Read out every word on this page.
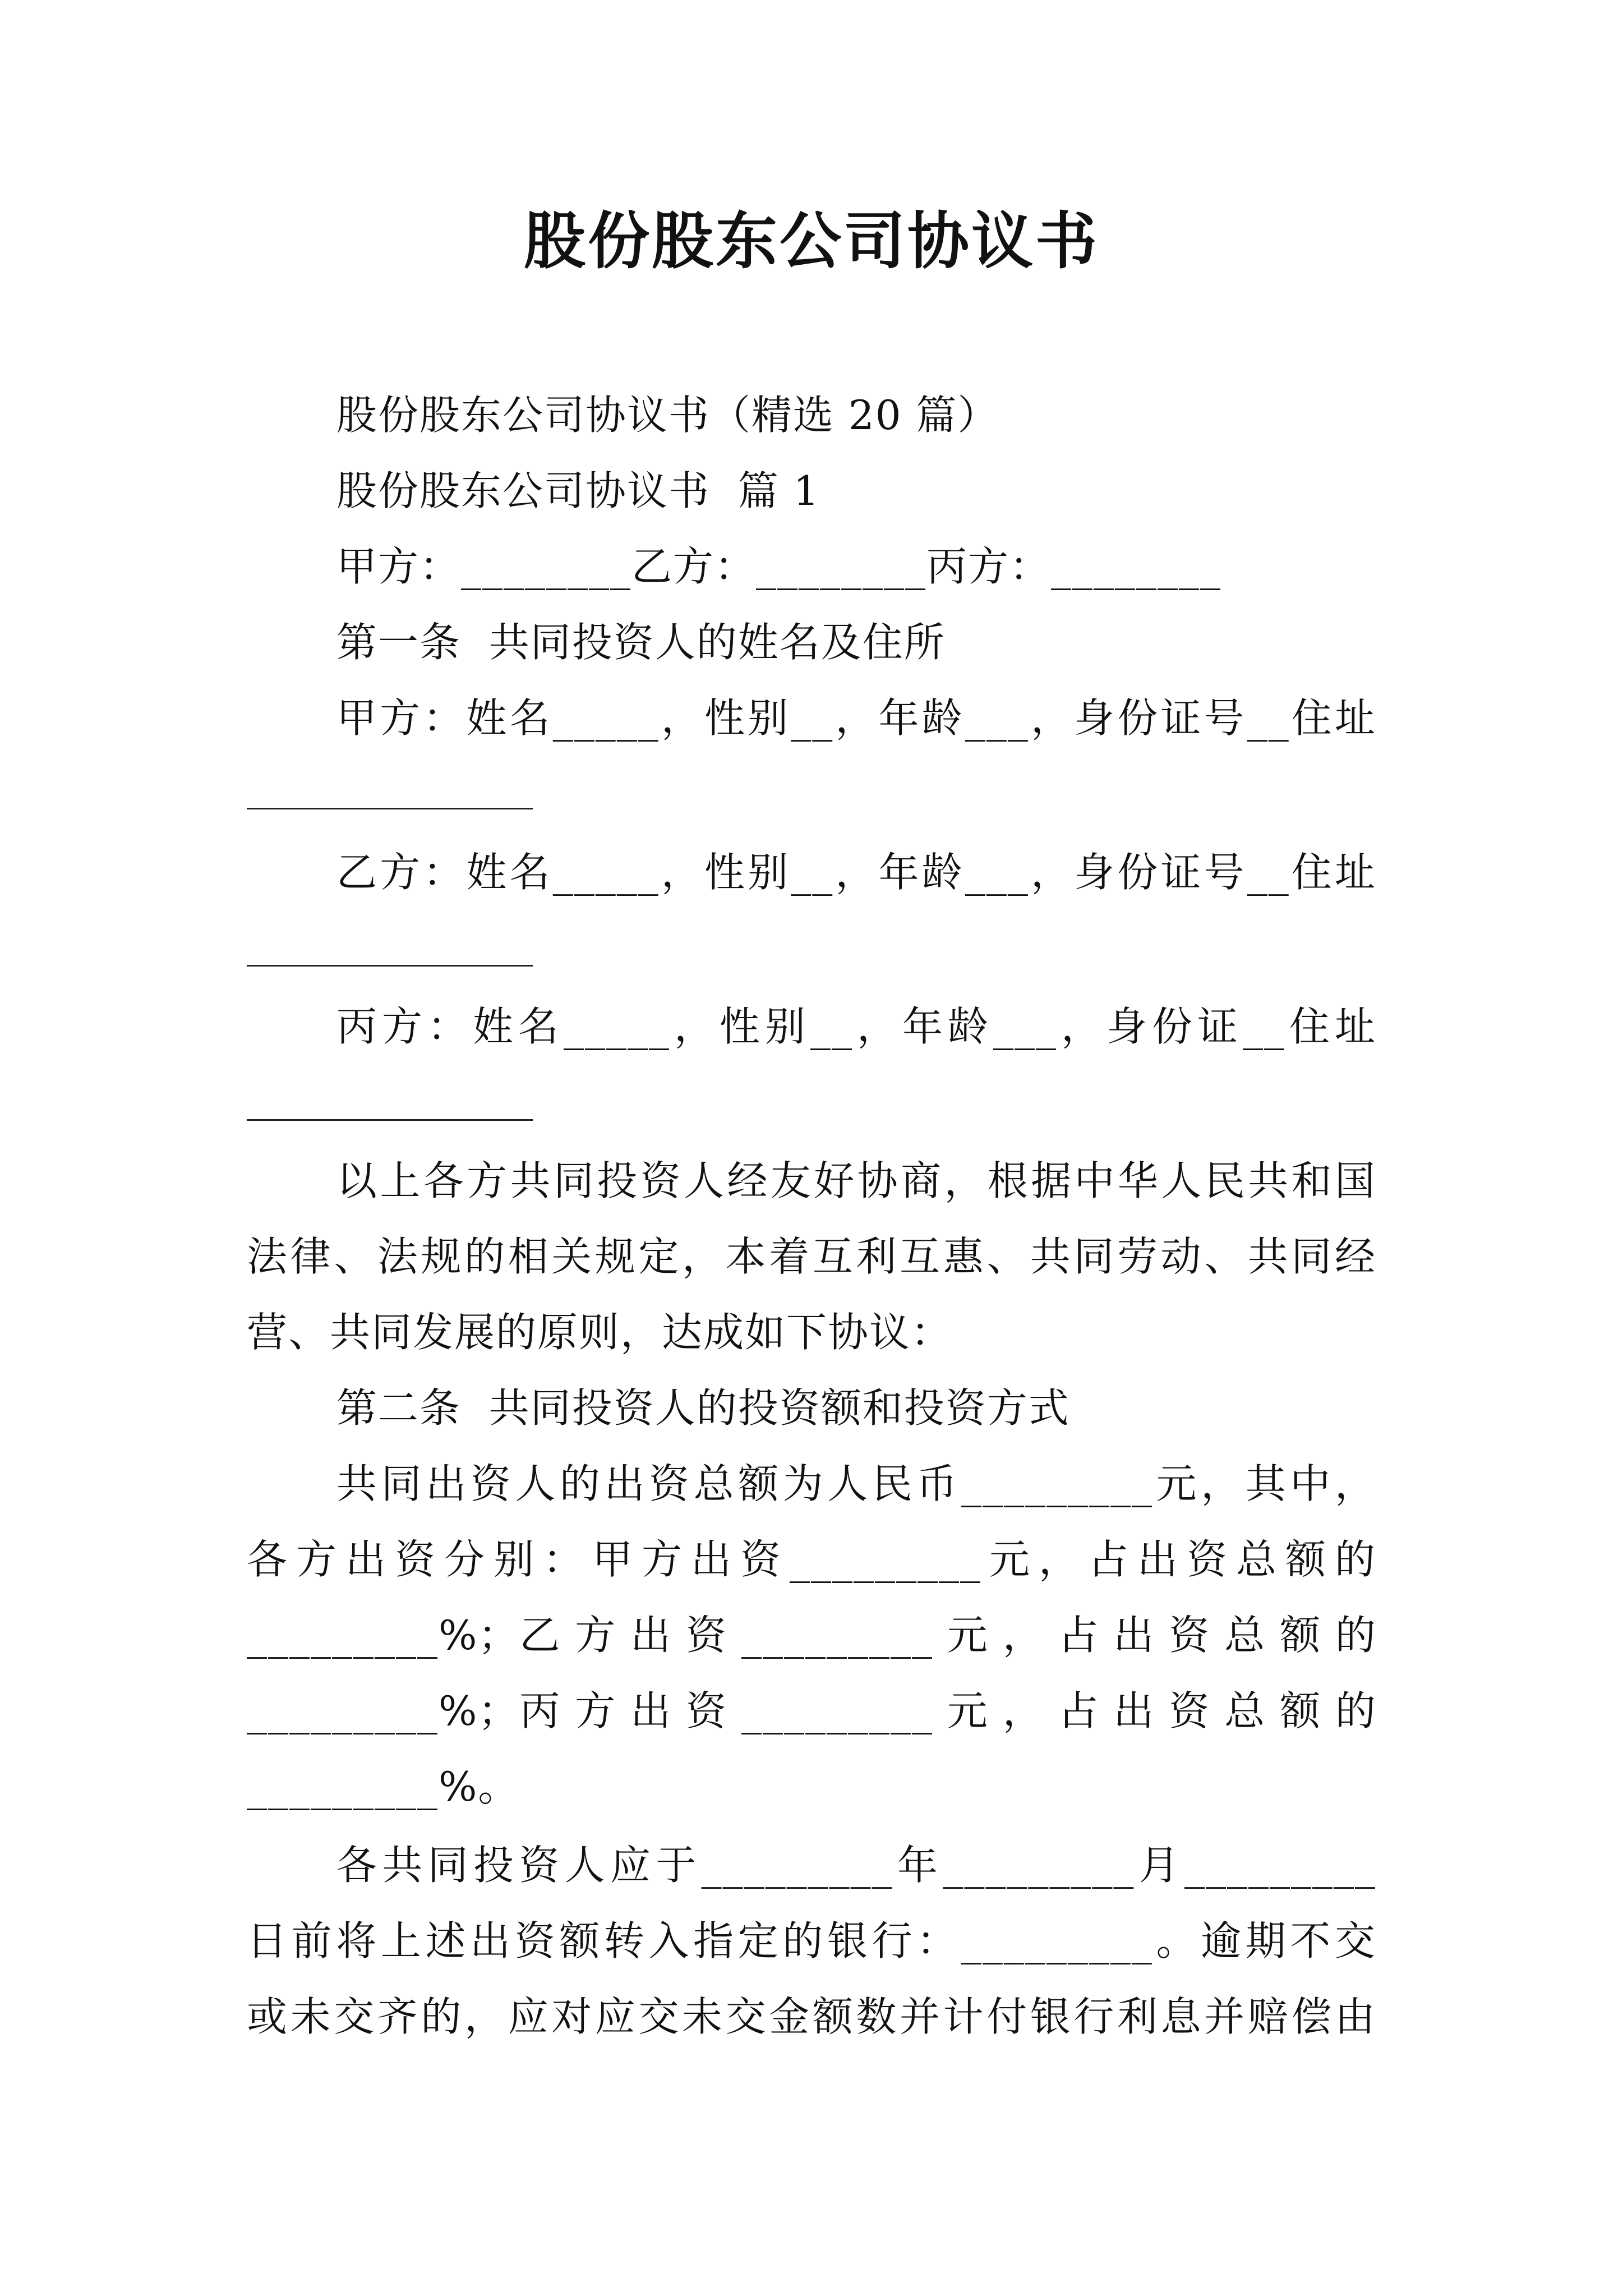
股份股东公司协议书
股份股东公司协议书（精选 20 篇）
股份股东公司协议书  篇 1
甲方：________乙方：________丙方：________
第一条  共同投资人的姓名及住所
甲方：姓名_____，性别__，年龄___，身份证号__住址
乙方：姓名_____，性别__，年龄___，身份证号__住址
丙方：姓名_____，性别__，年龄___，身份证__住址
以上各方共同投资人经友好协商，根据中华人民共和国
法律、法规的相关规定，本着互利互惠、共同劳动、共同经
营、共同发展的原则，达成如下协议：
第二条  共同投资人的投资额和投资方式
共同出资人的出资总额为人民币_________元，其中，
各方出资分别：甲方出资_________元，占出资总额的
_________%；乙 方 出 资 _________ 元 ， 占 出 资 总 额 的
_________%；丙 方 出 资 _________ 元 ， 占 出 资 总 额 的
_________%。
各共同投资人应于_________年_________月_________
日前将上述出资额转入指定的银行：_________。逾期不交
或未交齐的，应对应交未交金额数并计付银行利息并赔偿由
